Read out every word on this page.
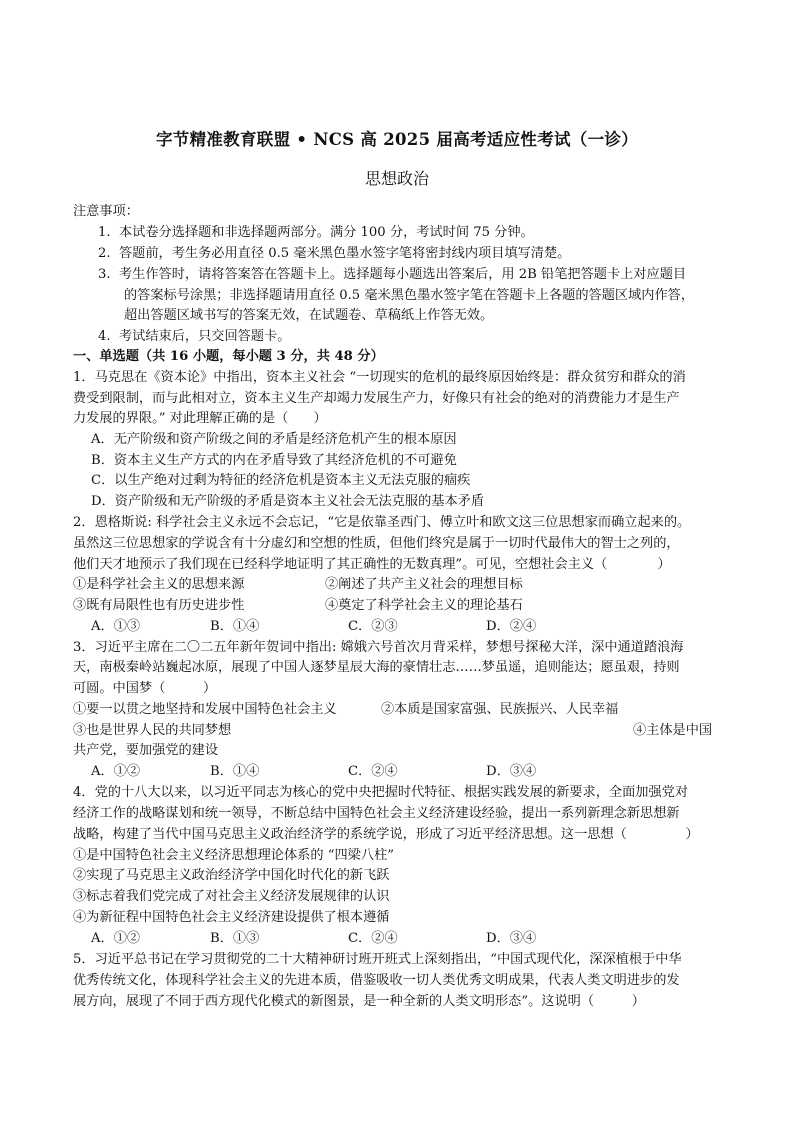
字节精准教育联盟 • NCS 高 2025 届高考适应性考试（一诊）
思想政治
注意事项：
1.  本试卷分选择题和非选择题两部分。满分 100 分，考试时间 75 分钟。
2.  答题前，考生务必用直径 0.5 毫米黑色墨水签字笔将密封线内项目填写清楚。
3.  考生作答时，请将答案答在答题卡上。选择题每小题选出答案后，用 2B 铅笔把答题卡上对应题目
的答案标号涂黑；非选择题请用直径 0.5 毫米黑色墨水签字笔在答题卡上各题的答题区域内作答，
超出答题区域书写的答案无效，在试题卷、草稿纸上作答无效。
4.  考试结束后，只交回答题卡。
一、单选题（共 16 小题，每小题 3 分，共 48 分）
1．马克思在《资本论》中指出，资本主义社会 “一切现实的危机的最终原因始终是：群众贫穷和群众的消
费受到限制，而与此相对立，资本主义生产却竭力发展生产力，好像只有社会的绝对的消费能力才是生产
力发展的界限。” 对此理解正确的是（      ）
A．无产阶级和资产阶级之间的矛盾是经济危机产生的根本原因
B．资本主义生产方式的内在矛盾导致了其经济危机的不可避免
C．以生产绝对过剩为特征的经济危机是资本主义无法克服的痼疾
D．资产阶级和无产阶级的矛盾是资本主义社会无法克服的基本矛盾
2．恩格斯说: 科学社会主义永远不会忘记，“它是依靠圣西门、傅立叶和欧文这三位思想家而确立起来的。
虽然这三位思想家的学说含有十分虚幻和空想的性质，但他们终究是属于一切时代最伟大的智士之列的，
他们天才地预示了我们现在已经科学地证明了其正确性的无数真理”。可见，空想社会主义（            ）
①是科学社会主义的思想来源	②阐述了共产主义社会的理想目标
③既有局限性也有历史进步性	④奠定了科学社会主义的理论基石
A．①③	B．①④	C．②③	D．②④
3．习近平主席在二〇二五年新年贺词中指出: 嫦娥六号首次月背采样，梦想号探秘大洋，深中通道踏浪海
天，南极秦岭站巍起冰原，展现了中国人逐梦星辰大海的豪情壮志……梦虽遥，追则能达；愿虽艰，持则
可圆。中国梦（         ）
①要一以贯之地坚持和发展中国特色社会主义	②本质是国家富强、民族振兴、人民幸福
③也是世界人民的共同梦想	④主体是中国
共产党，要加强党的建设
A．①②	B．①④	C．②④	D．③④
4．党的十八大以来，以习近平同志为核心的党中央把握时代特征、根据实践发展的新要求，全面加强党对
经济工作的战略谋划和统一领导，不断总结中国特色社会主义经济建设经验，提出一系列新理念新思想新
战略，构建了当代中国马克思主义政治经济学的系统学说，形成了习近平经济思想。这一思想（              ）
①是中国特色社会主义经济思想理论体系的 “四梁八柱”
②实现了马克思主义政治经济学中国化时代化的新飞跃
③标志着我们党完成了对社会主义经济发展规律的认识
④为新征程中国特色社会主义经济建设提供了根本遵循
A．①②	B．①③	C．②④	D．③④
5．习近平总书记在学习贯彻党的二十大精神研讨班开班式上深刻指出，“中国式现代化，深深植根于中华
优秀传统文化，体现科学社会主义的先进本质，借鉴吸收一切人类优秀文明成果，代表人类文明进步的发
展方向，展现了不同于西方现代化模式的新图景，是一种全新的人类文明形态”。这说明（         ）
